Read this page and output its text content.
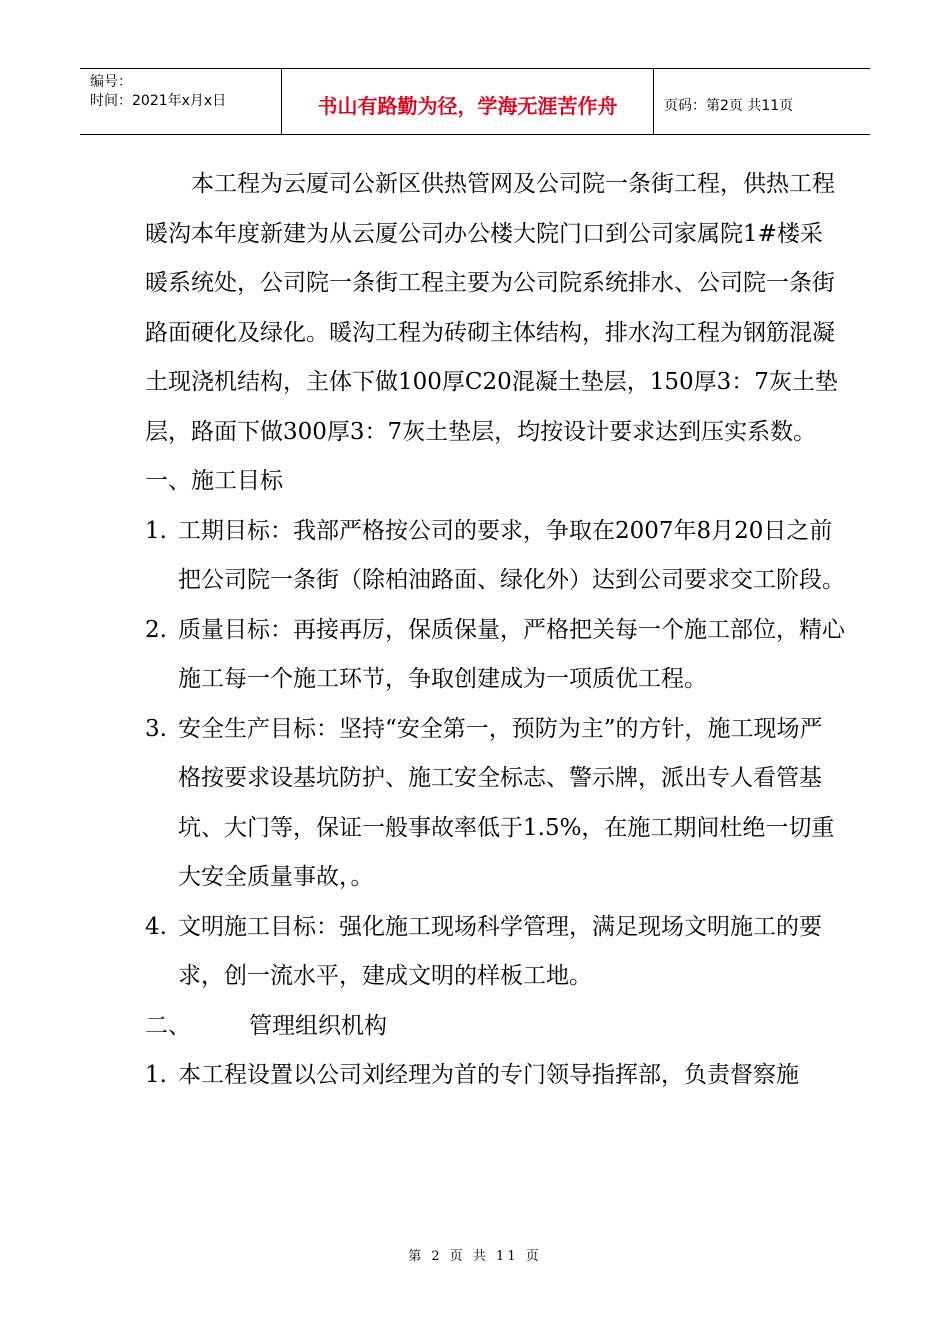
编号：
时间：2021年x月x日	书山有路勤为径，学海无涯苦作舟	页码：第2页 共11页

本工程为云厦司公新区供热管网及公司院一条街工程，供热工程暖沟本年度新建为从云厦公司办公楼大院门口到公司家属院1#楼采暖系统处，公司院一条街工程主要为公司院系统排水、公司院一条街路面硬化及绿化。暖沟工程为砖砌主体结构，排水沟工程为钢筋混凝土现浇机结构，主体下做100厚C20混凝土垫层，150厚3：7灰土垫层，路面下做300厚3：7灰土垫层，均按设计要求达到压实系数。

一、施工目标

1. 工期目标：我部严格按公司的要求，争取在2007年8月20日之前把公司院一条街（除柏油路面、绿化外）达到公司要求交工阶段。
2. 质量目标：再接再厉，保质保量，严格把关每一个施工部位，精心施工每一个施工环节，争取创建成为一项质优工程。
3. 安全生产目标：坚持“安全第一，预防为主”的方针，施工现场严格按要求设基坑防护、施工安全标志、警示牌，派出专人看管基坑、大门等，保证一般事故率低于1.5%，在施工期间杜绝一切重大安全质量事故，。
4. 文明施工目标：强化施工现场科学管理，满足现场文明施工的要求，创一流水平，建成文明的样板工地。

二、	管理组织机构

1. 本工程设置以公司刘经理为首的专门领导指挥部，负责督察施
第 2 页 共 11 页
